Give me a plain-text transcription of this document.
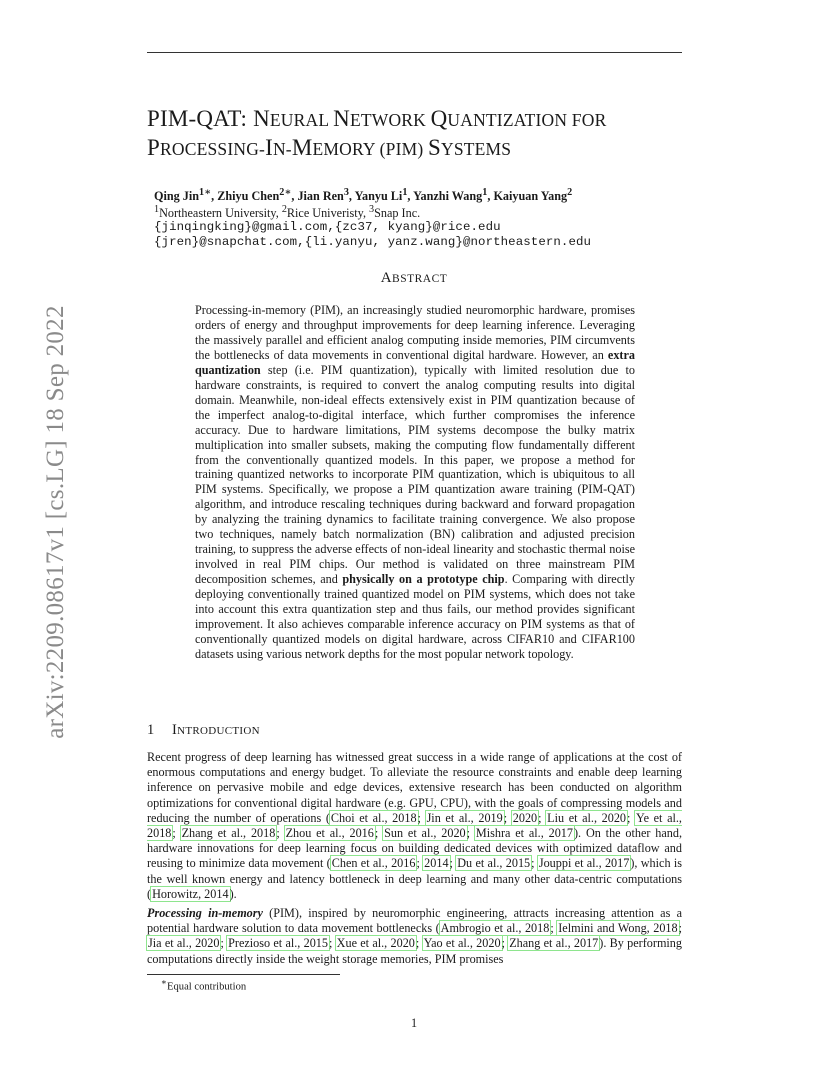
arXiv:2209.08617v1 [cs.LG] 18 Sep 2022
PIM-QAT: NEURAL NETWORK QUANTIZATION FOR
PROCESSING-IN-MEMORY (PIM) SYSTEMS
Qing Jin$^{1∗}$, Zhiyu Chen$^{2∗}$, Jian Ren$^3$, Yanyu Li$^1$, Yanzhi Wang$^1$, Kaiyuan Yang$^2$
$^1$Northeastern University, $^2$Rice Univeristy, $^3$Snap Inc.
{jinqingking}@gmail.com,{zc37, kyang}@rice.edu
{jren}@snapchat.com,{li.yanyu, yanz.wang}@northeastern.edu
ABSTRACT
Processing-in-memory (PIM), an increasingly studied neuromorphic hardware, promises orders of energy and throughput improvements for deep learning inference. Leveraging the massively parallel and efficient analog computing inside memories, PIM circumvents the bottlenecks of data movements in conventional digital hardware. However, an extra quantization step (i.e. PIM quantization), typically with limited resolution due to hardware constraints, is required to convert the analog computing results into digital domain. Meanwhile, non-ideal effects extensively exist in PIM quantization because of the imperfect analog-to-digital interface, which further compromises the inference accuracy. Due to hardware limitations, PIM systems decompose the bulky matrix multiplication into smaller subsets, making the computing flow fundamentally different from the conventionally quantized models. In this paper, we propose a method for training quantized networks to incorporate PIM quantization, which is ubiquitous to all PIM systems. Specifically, we propose a PIM quantization aware training (PIM-QAT) algorithm, and introduce rescaling techniques during backward and forward propagation by analyzing the training dynamics to facilitate training convergence. We also propose two techniques, namely batch normalization (BN) calibration and adjusted precision training, to suppress the adverse effects of non-ideal linearity and stochastic thermal noise involved in real PIM chips. Our method is validated on three mainstream PIM decomposition schemes, and physically on a prototype chip. Comparing with directly deploying conventionally trained quantized model on PIM systems, which does not take into account this extra quantization step and thus fails, our method provides significant improvement. It also achieves comparable inference accuracy on PIM systems as that of conventionally quantized models on digital hardware, across CIFAR10 and CIFAR100 datasets using various network depths for the most popular network topology.
1 INTRODUCTION
Recent progress of deep learning has witnessed great success in a wide range of applications at the cost of enormous computations and energy budget. To alleviate the resource constraints and enable deep learning inference on pervasive mobile and edge devices, extensive research has been conducted on algorithm optimizations for conventional digital hardware (e.g. GPU, CPU), with the goals of compressing models and reducing the number of operations (Choi et al., 2018; Jin et al., 2019; 2020; Liu et al., 2020; Ye et al., 2018; Zhang et al., 2018; Zhou et al., 2016; Sun et al., 2020; Mishra et al., 2017). On the other hand, hardware innovations for deep learning focus on building dedicated devices with optimized dataflow and reusing to minimize data movement (Chen et al., 2016; 2014; Du et al., 2015; Jouppi et al., 2017), which is the well known energy and latency bottleneck in deep learning and many other data-centric computations (Horowitz, 2014).
Processing in-memory (PIM), inspired by neuromorphic engineering, attracts increasing attention as a potential hardware solution to data movement bottlenecks (Ambrogio et al., 2018; Ielmini and Wong, 2018; Jia et al., 2020; Prezioso et al., 2015; Xue et al., 2020; Yao et al., 2020; Zhang et al., 2017). By performing computations directly inside the weight storage memories, PIM promises
∗Equal contribution
1
